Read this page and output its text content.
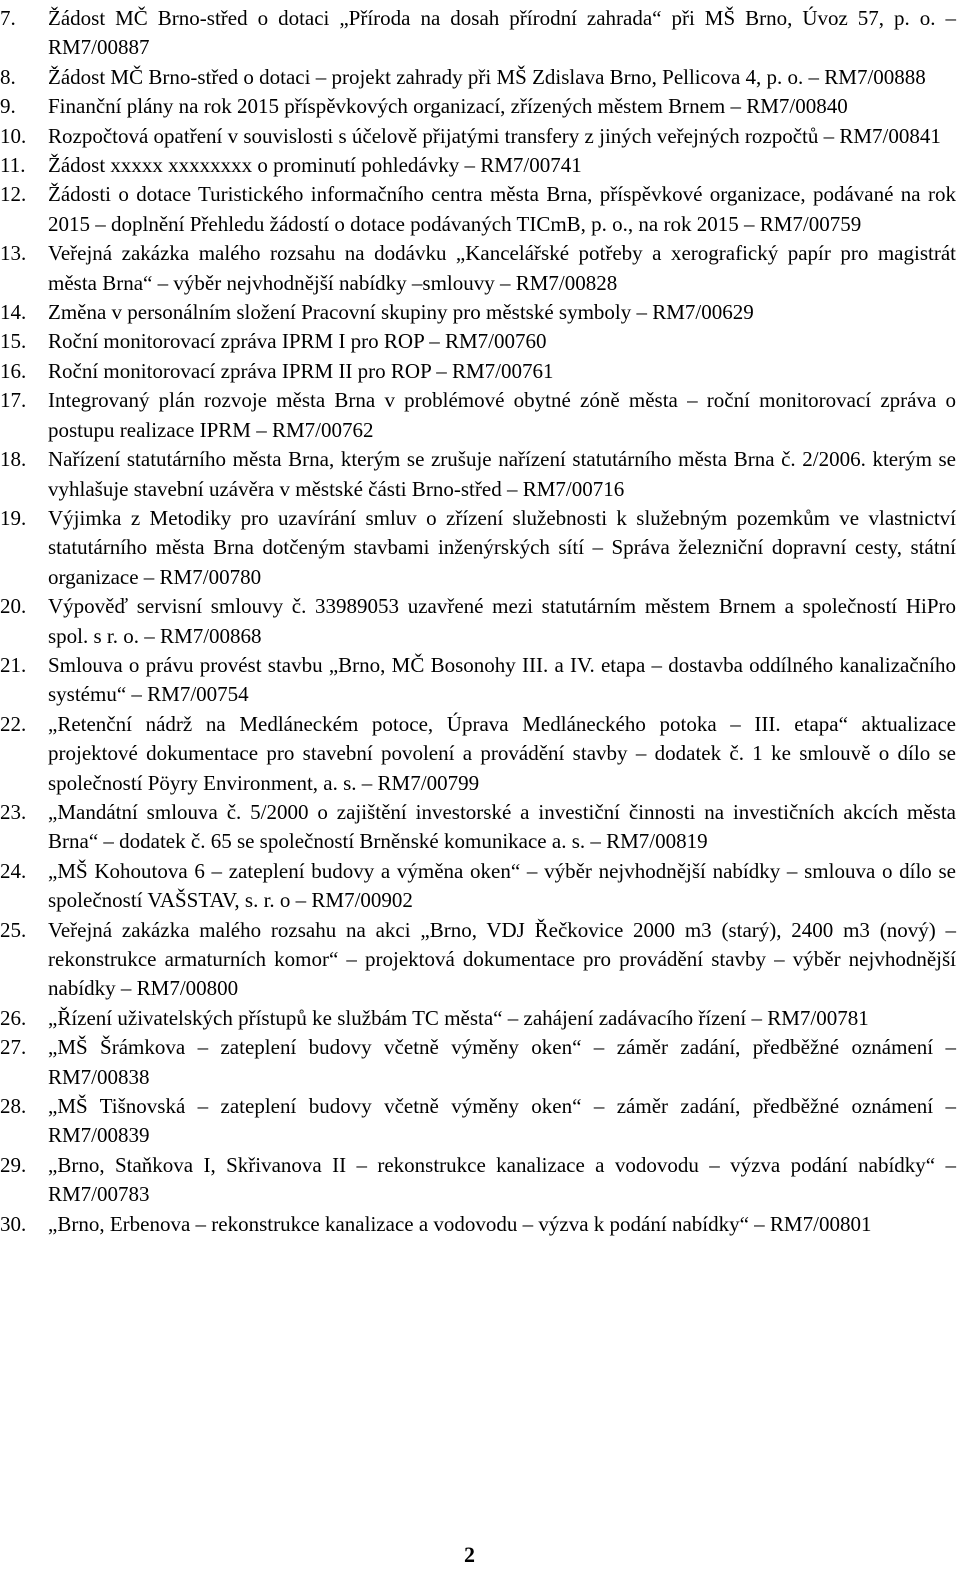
7.	Žádost MČ Brno-střed o dotaci „Příroda na dosah přírodní zahrada“ při MŠ Brno, Úvoz 57, p. o. – RM7/00887
8.	Žádost MČ Brno-střed o dotaci – projekt zahrady při MŠ Zdislava Brno, Pellicova 4, p. o. – RM7/00888
9.	Finanční plány na rok 2015 příspěvkových organizací, zřízených městem Brnem – RM7/00840
10.	Rozpočtová opatření v souvislosti s účelově přijatými transfery z jiných veřejných rozpočtů – RM7/00841
11.	Žádost xxxxx xxxxxxxx o prominutí pohledávky – RM7/00741
12.	Žádosti o dotace Turistického informačního centra města Brna, příspěvkové organizace, podávané na rok 2015 – doplnění Přehledu žádostí o dotace podávaných TICmB, p. o., na rok 2015 – RM7/00759
13.	Veřejná zakázka malého rozsahu na dodávku „Kancelářské potřeby a xerografický papír pro magistrát města Brna“ – výběr nejvhodnější nabídky –smlouvy – RM7/00828
14.	Změna v personálním složení Pracovní skupiny pro městské symboly – RM7/00629
15.	Roční monitorovací zpráva IPRM I pro ROP – RM7/00760
16.	Roční monitorovací zpráva IPRM II pro ROP – RM7/00761
17.	Integrovaný plán rozvoje města Brna v problémové obytné zóně města – roční monitorovací zpráva o postupu realizace IPRM – RM7/00762
18.	Nařízení statutárního města Brna, kterým se zrušuje nařízení statutárního města Brna č. 2/2006. kterým se vyhlašuje stavební uzávěra v městské části Brno-střed – RM7/00716
19.	Výjimka z Metodiky pro uzavírání smluv o zřízení služebnosti k služebným pozemkům ve vlastnictví statutárního města Brna dotčeným stavbami inženýrských sítí – Správa železniční dopravní cesty, státní organizace – RM7/00780
20.	Výpověď servisní smlouvy č. 33989053 uzavřené mezi statutárním městem Brnem a společností HiPro spol. s r. o. – RM7/00868
21.	Smlouva o právu provést stavbu „Brno, MČ Bosonohy III. a IV. etapa – dostavba oddílného kanalizačního systému“ – RM7/00754
22.	„Retenční nádrž na Medláneckém potoce, Úprava Medláneckého potoka – III. etapa“ aktualizace projektové dokumentace pro stavební povolení a provádění stavby – dodatek č. 1 ke smlouvě o dílo se společností Pöyry Environment, a. s. – RM7/00799
23.	„Mandátní smlouva č. 5/2000 o zajištění investorské a investiční činnosti na investičních akcích města Brna“ – dodatek č. 65 se společností Brněnské komunikace a. s. – RM7/00819
24.	„MŠ Kohoutova 6 – zateplení budovy a výměna oken“ – výběr nejvhodnější nabídky – smlouva o dílo se společností VAŠSTAV, s. r. o – RM7/00902
25.	Veřejná zakázka malého rozsahu na akci „Brno, VDJ Řečkovice 2000 m3 (starý), 2400 m3 (nový) – rekonstrukce armaturních komor“ – projektová dokumentace pro provádění stavby – výběr nejvhodnější nabídky – RM7/00800
26.	„Řízení uživatelských přístupů ke službám TC města“ – zahájení zadávacího řízení – RM7/00781
27.	„MŠ Šrámkova – zateplení budovy včetně výměny oken“ – záměr zadání, předběžné oznámení – RM7/00838
28.	„MŠ Tišnovská – zateplení budovy včetně výměny oken“ – záměr zadání, předběžné oznámení – RM7/00839
29.	„Brno, Staňkova I, Skřivanova II – rekonstrukce kanalizace a vodovodu – výzva podání nabídky“ – RM7/00783
30.	„Brno, Erbenova – rekonstrukce kanalizace a vodovodu – výzva k podání nabídky“ – RM7/00801
2
